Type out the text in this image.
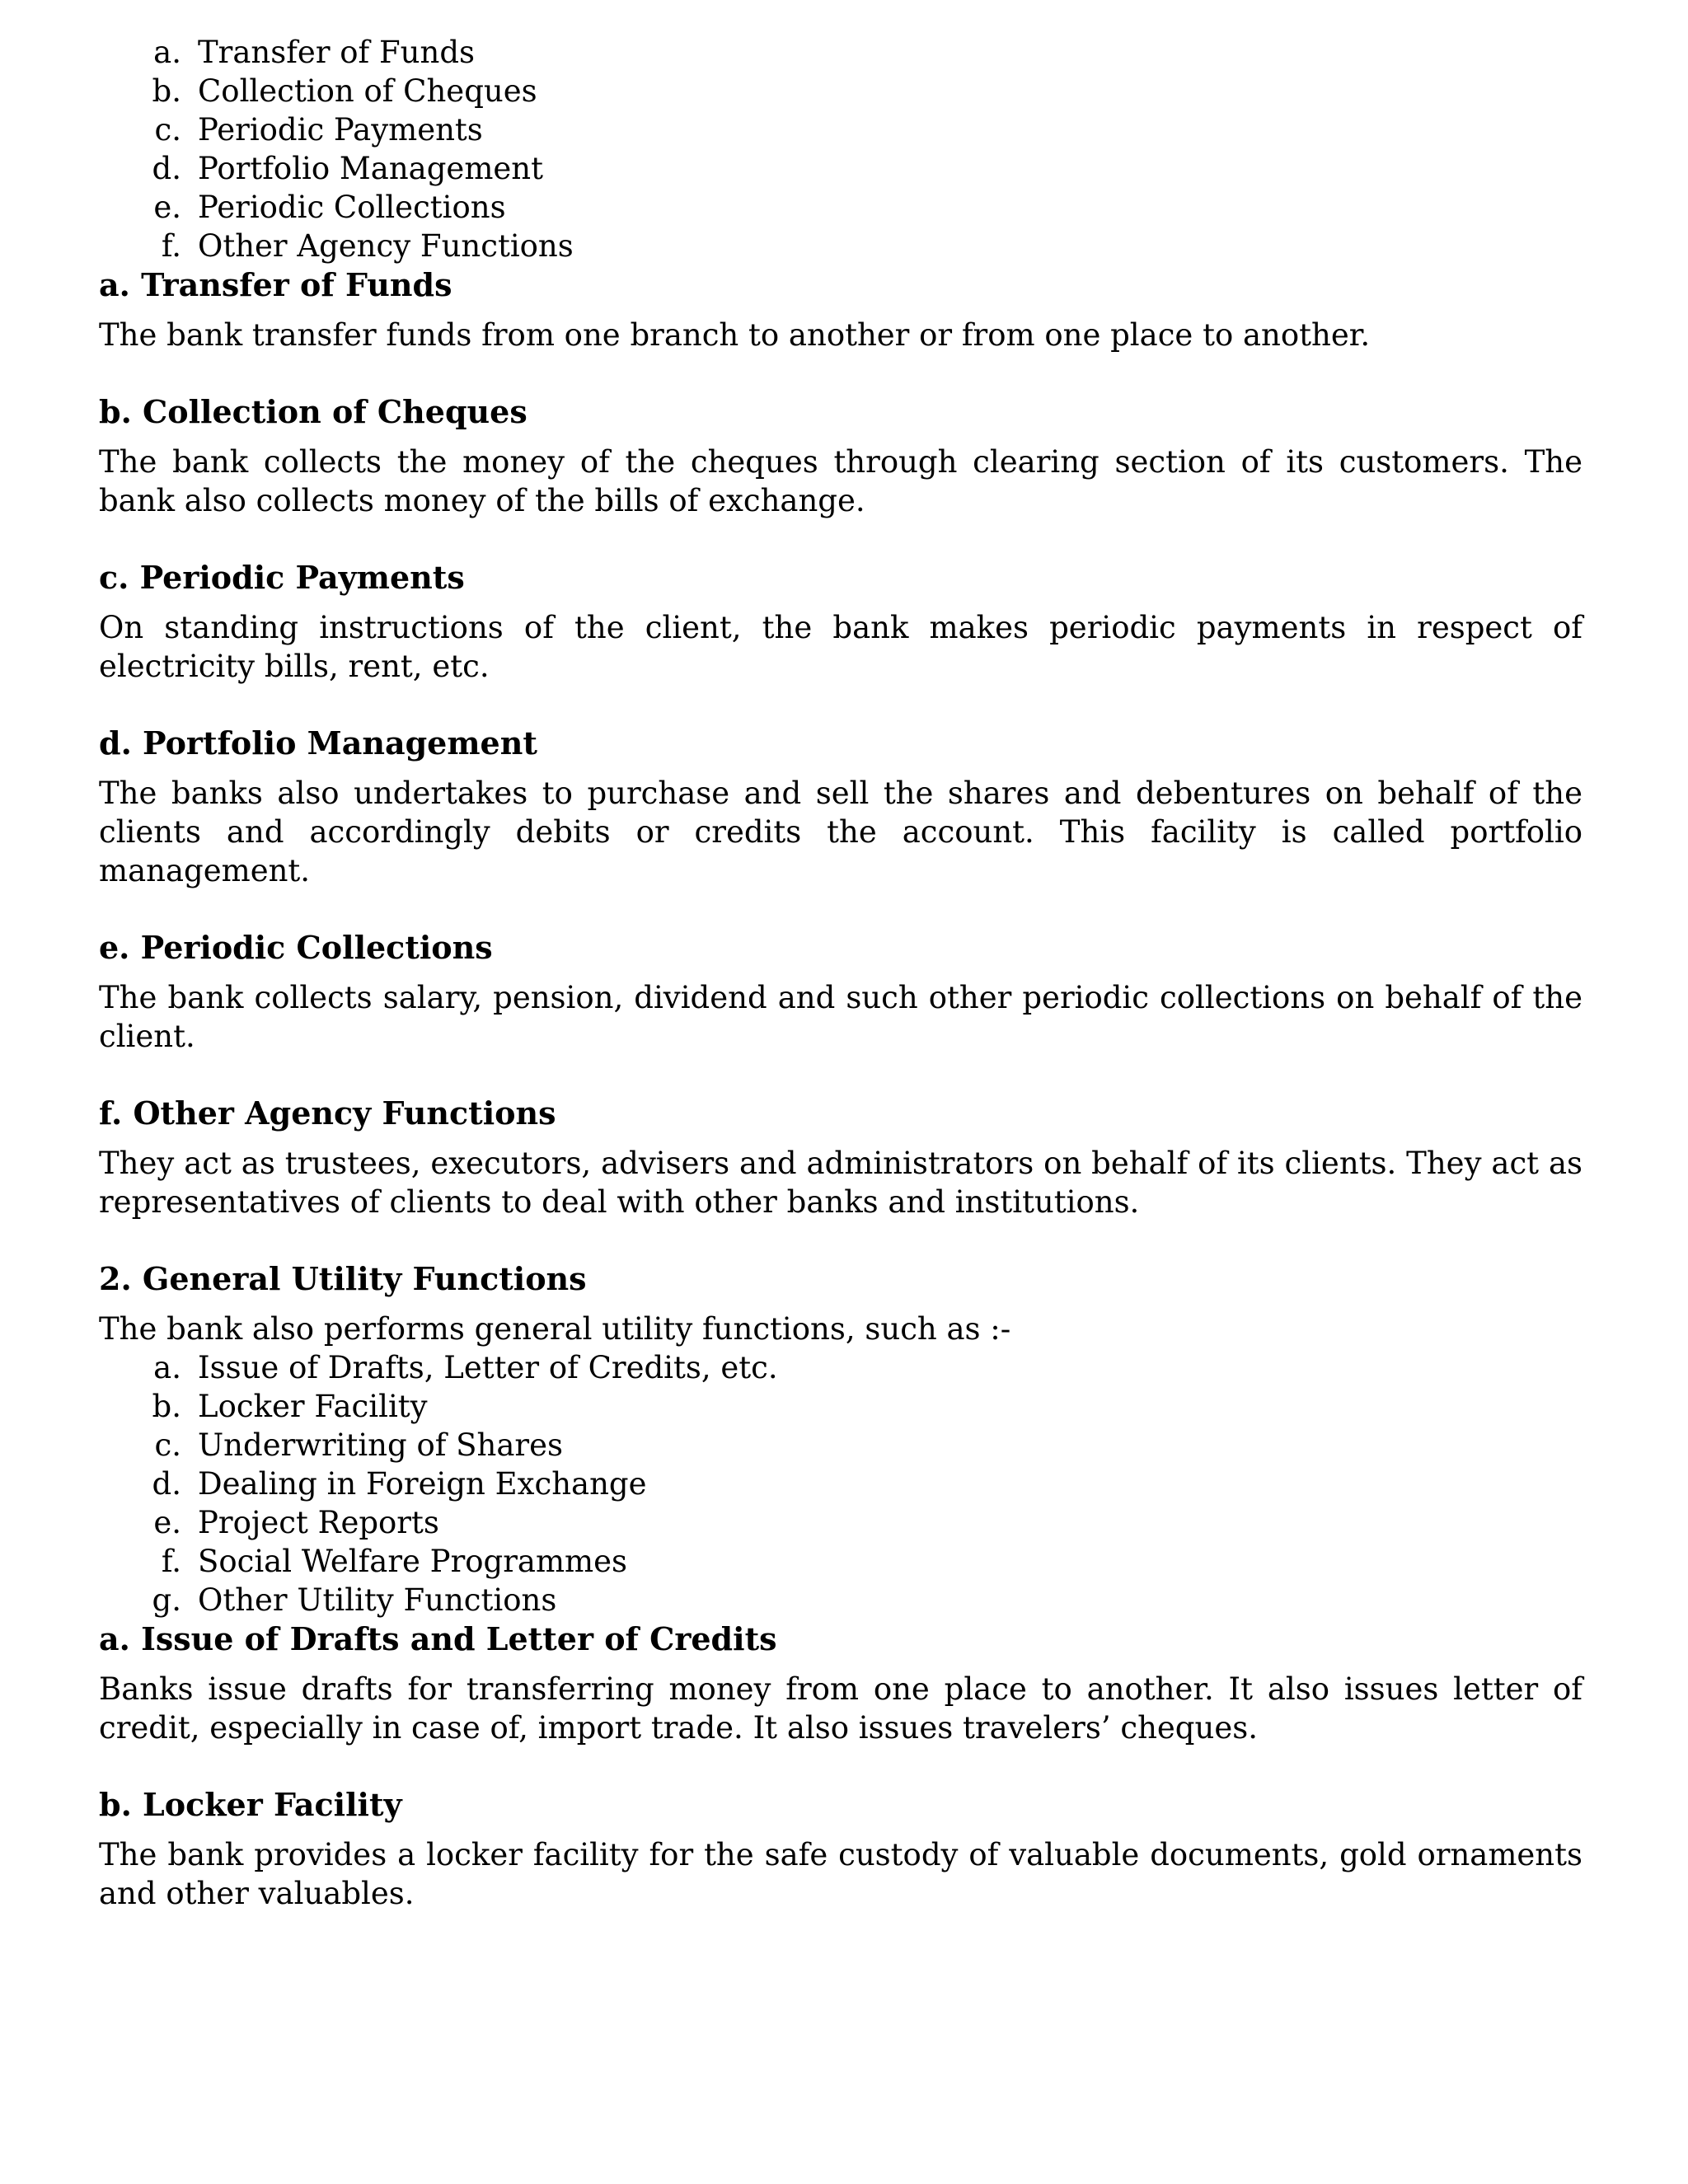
a. Transfer of Funds
b. Collection of Cheques
c. Periodic Payments
d. Portfolio Management
e. Periodic Collections
f. Other Agency Functions
a. Transfer of Funds

The bank transfer funds from one branch to another or from one place to another.

b. Collection of Cheques

The bank collects the money of the cheques through clearing section of its customers. The bank also collects money of the bills of exchange.

c. Periodic Payments

On standing instructions of the client, the bank makes periodic payments in respect of electricity bills, rent, etc.

d. Portfolio Management

The banks also undertakes to purchase and sell the shares and debentures on behalf of the clients and accordingly debits or credits the account. This facility is called portfolio management.

e. Periodic Collections

The bank collects salary, pension, dividend and such other periodic collections on behalf of the client.

f. Other Agency Functions

They act as trustees, executors, advisers and administrators on behalf of its clients. They act as representatives of clients to deal with other banks and institutions.

2. General Utility Functions

The bank also performs general utility functions, such as :-

a. Issue of Drafts, Letter of Credits, etc.
b. Locker Facility
c. Underwriting of Shares
d. Dealing in Foreign Exchange
e. Project Reports
f. Social Welfare Programmes
g. Other Utility Functions
a. Issue of Drafts and Letter of Credits

Banks issue drafts for transferring money from one place to another. It also issues letter of credit, especially in case of, import trade. It also issues travelers’ cheques.

b. Locker Facility

The bank provides a locker facility for the safe custody of valuable documents, gold ornaments and other valuables.
